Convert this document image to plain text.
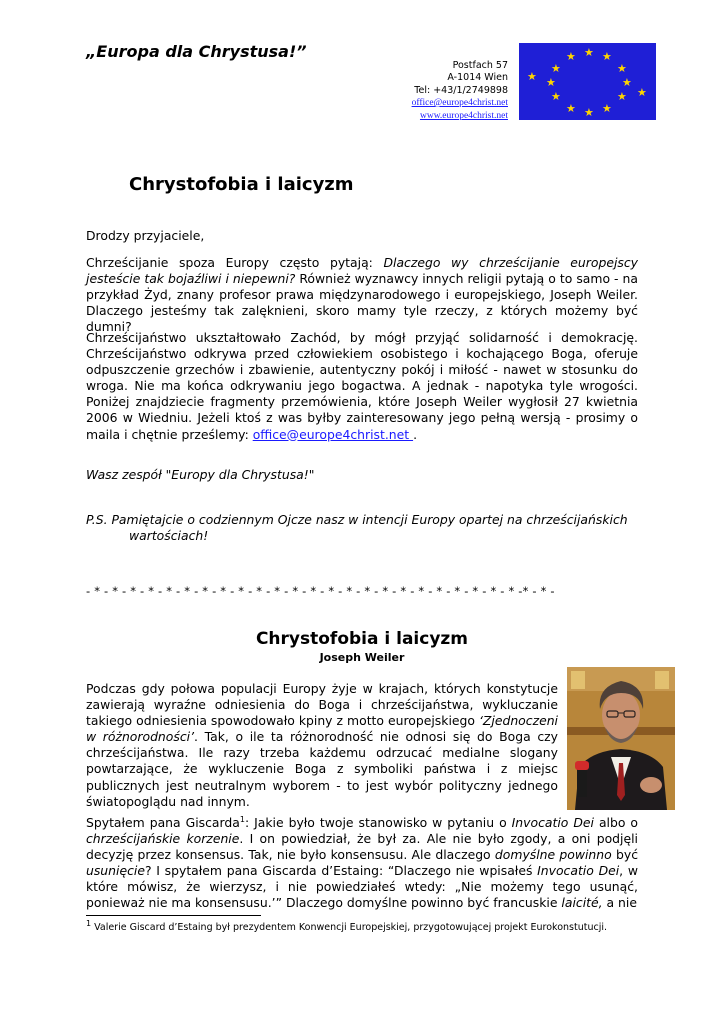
„Europa dla Chrystusa!”
Postfach 57
A-1014 Wien
Tel: +43/1/2749898
office@europe4christ.net
www.europe4christ.net
★ ★
★
★
★
★
★
★
★
★
★
★
★
★
Chrystofobia i laicyzm
Drodzy przyjaciele,
Chrześcijanie spoza Europy często pytają: Dlaczego wy chrześcijanie europejscy jesteście tak bojaźliwi i niepewni? Również wyznawcy innych religii pytają o to samo - na przykład Żyd, znany profesor prawa międzynarodowego i europejskiego, Joseph Weiler. Dlaczego jesteśmy tak zalęknieni, skoro mamy tyle rzeczy, z których możemy być dumni?
Chrześcijaństwo ukształtowało Zachód, by mógł przyjąć solidarność i demokrację. Chrześcijaństwo odkrywa przed człowiekiem osobistego i kochającego Boga, oferuje odpuszczenie grzechów i zbawienie, autentyczny pokój i miłość - nawet w stosunku do wroga. Nie ma końca odkrywaniu jego bogactwa. A jednak - napotyka tyle wrogości. Poniżej znajdziecie fragmenty przemówienia, które Joseph Weiler wygłosił 27 kwietnia 2006 w Wiedniu. Jeżeli ktoś z was byłby zainteresowany jego pełną wersją - prosimy o maila i chętnie prześlemy: office@europe4christ.net .
Wasz zespół "Europy dla Chrystusa!"
P.S. Pamiętajcie o codziennym Ojcze nasz w intencji Europy opartej na chrześcijańskich
wartościach!
- * - * - * - * - * - * - * - * - * - * - * - * - * - * - * - * - * - * - * - * - * - * - * - * -* - * -
Chrystofobia i laicyzm
Joseph Weiler
Podczas gdy połowa populacji Europy żyje w krajach, których konstytucje zawierają wyraźne odniesienia do Boga i chrześcijaństwa, wykluczanie takiego odniesienia spowodowało kpiny z motto europejskiego ‘Zjednoczeni w różnorodności’. Tak, o ile ta różnorodność nie odnosi się do Boga czy chrześcijaństwa. Ile razy trzeba każdemu odrzucać medialne slogany powtarzające, że wykluczenie Boga z symboliki państwa i z miejsc publicznych jest neutralnym wyborem - to jest wybór polityczny jednego światopoglądu nad innym.
Spytałem pana Giscarda$^1$: Jakie było twoje stanowisko w pytaniu o Invocatio Dei albo o chrześcijańskie korzenie. I on powiedział, że był za. Ale nie było zgody, a oni podjęli decyzję przez konsensus. Tak, nie było konsensusu. Ale dlaczego domyślne powinno być usunięcie? I spytałem pana Giscarda d’Estaing: “Dlaczego nie wpisałeś Invocatio Dei, w które mówisz, że wierzysz, i nie powiedziałeś wtedy: „Nie możemy tego usunąć, ponieważ nie ma konsensusu.’” Dlaczego domyślne powinno być francuskie laicité, a nie
$^1$ Valerie Giscard d’Estaing był prezydentem Konwencji Europejskiej, przygotowującej projekt Eurokonstutucji.
